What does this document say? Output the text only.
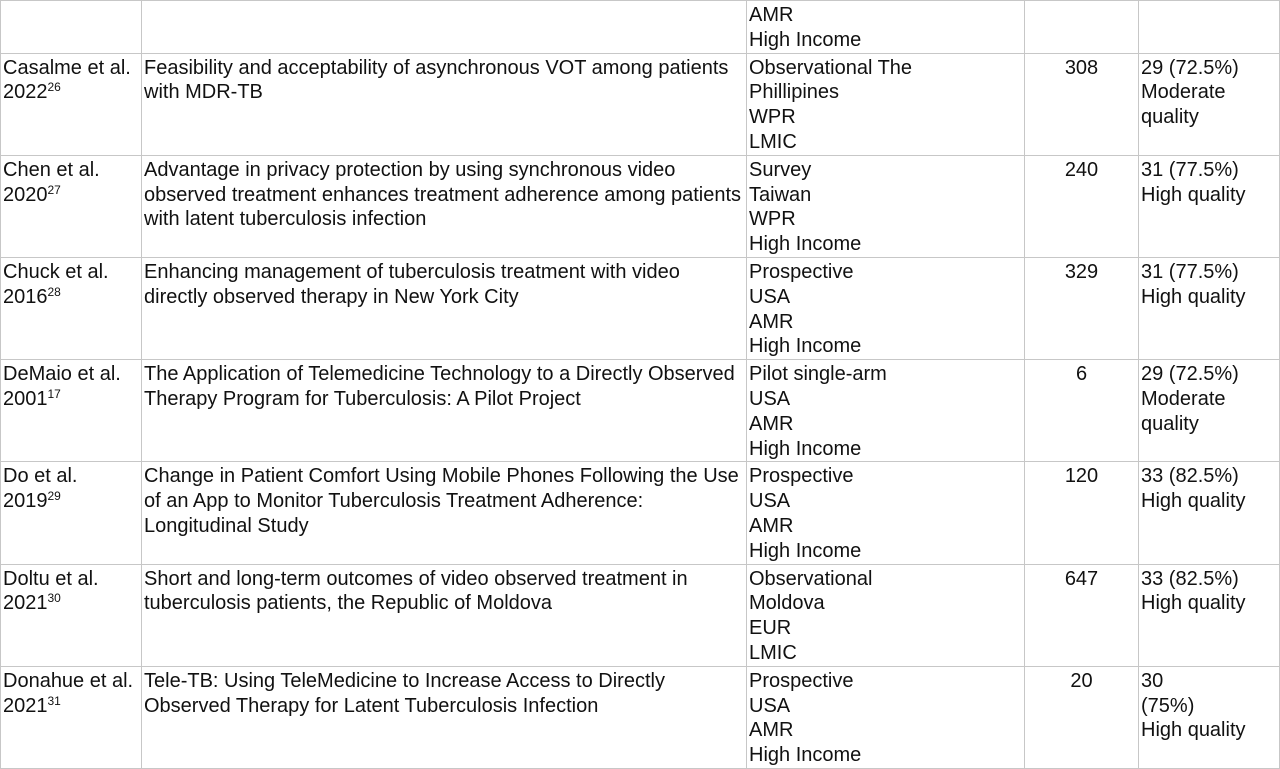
		AMR
High Income		

Casalme et al. 2022$^{26}$	Feasibility and acceptability of asynchronous VOT among patients with MDR-TB	Observational The
Phillipines
WPR
LMIC	308	29 (72.5%)
Moderate
quality

Chen et al. 2020$^{27}$	Advantage in privacy protection by using synchronous video observed treatment enhances treatment adherence among patients with latent tuberculosis infection	Survey
Taiwan
WPR
High Income	240	31 (77.5%)
High quality

Chuck et al. 2016$^{28}$	Enhancing management of tuberculosis treatment with video directly observed therapy in New York City	Prospective
USA
AMR
High Income	329	31 (77.5%)
High quality

DeMaio et al. 2001$^{17}$	The Application of Telemedicine Technology to a Directly Observed Therapy Program for Tuberculosis: A Pilot Project	Pilot single-arm
USA
AMR
High Income	6	29 (72.5%)
Moderate
quality

Do et al. 2019$^{29}$	Change in Patient Comfort Using Mobile Phones Following the Use of an App to Monitor Tuberculosis Treatment Adherence: Longitudinal Study	Prospective
USA
AMR
High Income	120	33 (82.5%)
High quality

Doltu et al. 2021$^{30}$	Short and long-term outcomes of video observed treatment in tuberculosis patients, the Republic of Moldova	Observational
Moldova
EUR
LMIC	647	33 (82.5%)
High quality

Donahue et al. 2021$^{31}$	Tele-TB: Using TeleMedicine to Increase Access to Directly Observed Therapy for Latent Tuberculosis Infection	Prospective
USA
AMR
High Income	20	30
(75%)
High quality
